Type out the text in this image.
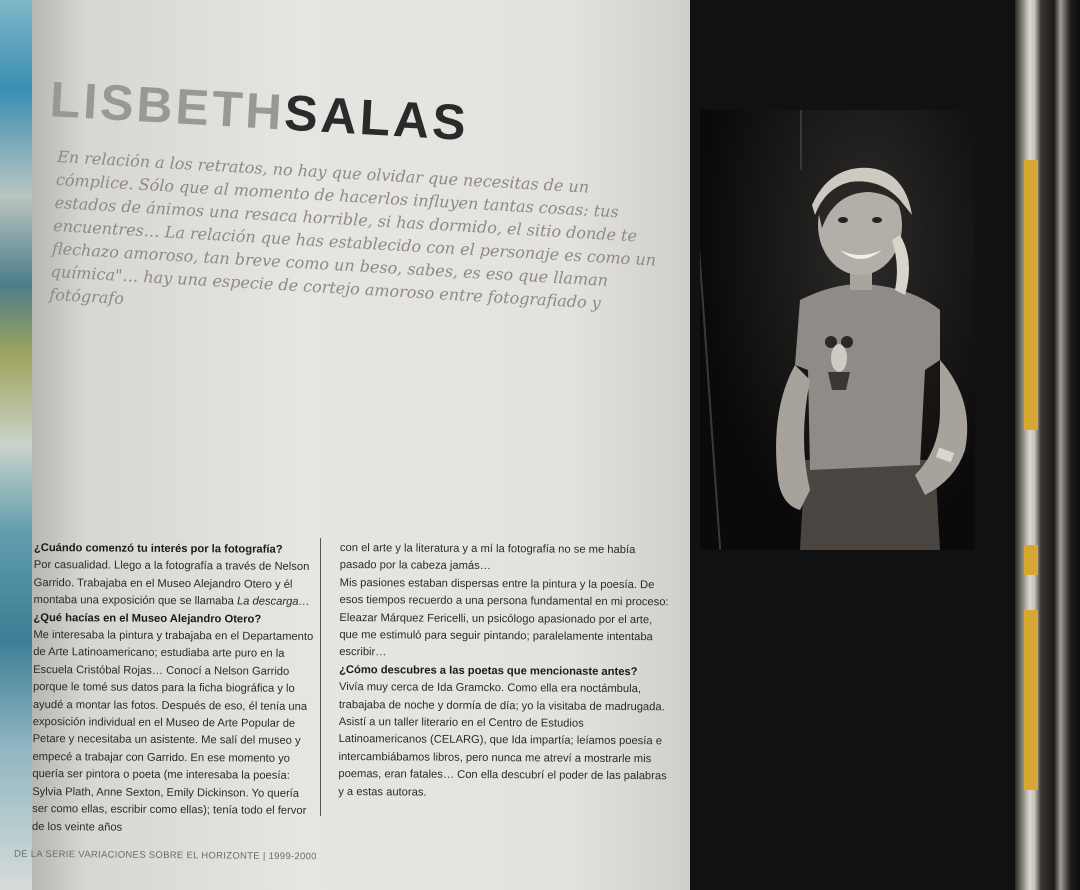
LISBETHSALAS

En relación a los retratos, no hay que olvidar que necesitas de un cómplice. Sólo que al momento de hacerlos influyen tantas cosas: tus estados de ánimos una resaca horrible, si has dormido, el sitio donde te encuentres… La relación que has establecido con el personaje es como un flechazo amoroso, tan breve como un beso, sabes, es eso que llaman química"… hay una especie de cortejo amoroso entre fotografiado y fotógrafo

¿Cuándo comenzó tu interés por la fotografía?

Por casualidad. Llego a la fotografía a través de Nelson Garrido. Trabajaba en el Museo Alejandro Otero y él montaba una exposición que se llamaba La descarga…

¿Qué hacías en el Museo Alejandro Otero?

Me interesaba la pintura y trabajaba en el Departamento de Arte Latinoamericano; estudiaba arte puro en la Escuela Cristóbal Rojas… Conocí a Nelson Garrido porque le tomé sus datos para la ficha biográfica y lo ayudé a montar las fotos. Después de eso, él tenía una exposición individual en el Museo de Arte Popular de Petare y necesitaba un asistente. Me salí del museo y empecé a trabajar con Garrido. En ese momento yo quería ser pintora o poeta (me interesaba la poesía: Sylvia Plath, Anne Sexton, Emily Dickinson. Yo quería ser como ellas, escribir como ellas); tenía todo el fervor de los veinte años

con el arte y la literatura y a mí la fotografía no se me había pasado por la cabeza jamás…

Mis pasiones estaban dispersas entre la pintura y la poesía. De esos tiempos recuerdo a una persona fundamental en mi proceso: Eleazar Márquez Fericelli, un psicólogo apasionado por el arte, que me estimuló para seguir pintando; paralelamente intentaba escribir…

¿Cómo descubres a las poetas que mencionaste antes?

Vivía muy cerca de Ida Gramcko. Como ella era noctámbula, trabajaba de noche y dormía de día; yo la visitaba de madrugada. Asistí a un taller literario en el Centro de Estudios Latinoamericanos (CELARG), que Ida impartía; leíamos poesía e intercambiábamos libros, pero nunca me atreví a mostrarle mis poemas, eran fatales… Con ella descubrí el poder de las palabras y a estas autoras.

DE LA SERIE VARIACIONES SOBRE EL HORIZONTE | 1999-2000
